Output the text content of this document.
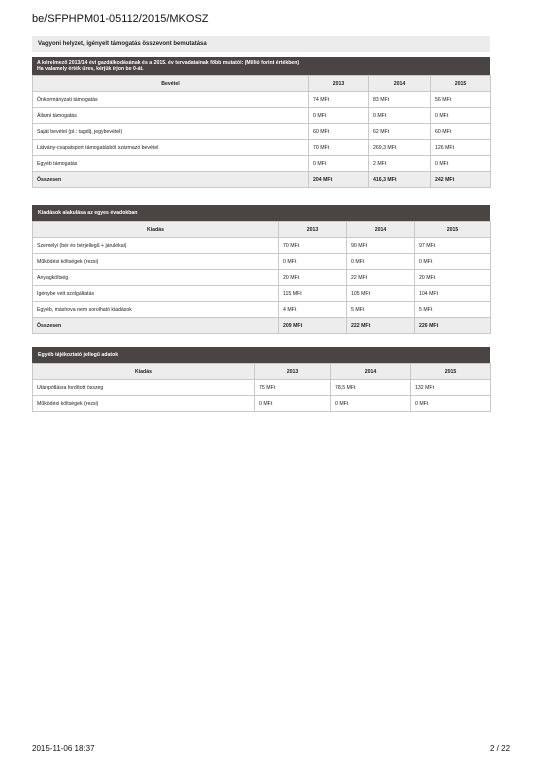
be/SFPHPM01-05112/2015/MKOSZ
Vagyoni helyzet, igényelt támogatás összevont bemutatása
A kérelmező 2013/14 évi gazdálkodásának és a 2015. év tervadatainak főbb mutatói: (Millió forint értékben)
Ha valamely érték üres, kérjük írjon be 0-át.
Bevétel	2013	2014	2015
Önkormányzati támogatás	74 MFt	83 MFt	56 MFt
Állami támogatás	0 MFt	0 MFt	0 MFt
Saját bevétel (pl.: tagdíj, jegybevétel)	60 MFt	62 MFt	60 MFt
Látvány-csapatsport támogatásból származó bevétel	70 MFt	269,3 MFt	126 MFt
Egyéb támogatás	0 MFt	2 MFt	0 MFt
Összesen	204 MFt	416,3 MFt	242 MFt
Kiadások alakulása az egyes évadokban
Kiadás	2013	2014	2015
Személyi (bér és bérjellegű + járulékai)	70 MFt	90 MFt	97 MFt
Működési költségek (rezsi)	0 MFt	0 MFt	0 MFt
Anyagköltség	20 MFt	22 MFt	20 MFt
Igénybe vett szolgáltatás	115 MFt	105 MFt	104 MFt
Egyéb, máshova nem sorolható kiadások	4 MFt	5 MFt	5 MFt
Összesen	209 MFt	222 MFt	226 MFt
Egyéb tájékoztató jellegű adatok
Kiadás	2013	2014	2015
Utánpótlásra fordított összeg	75 MFt	78,5 MFt	132 MFt
Működési költségek (rezsi)	0 MFt	0 MFt	0 MFt
2015-11-06 18:37	2 / 22
